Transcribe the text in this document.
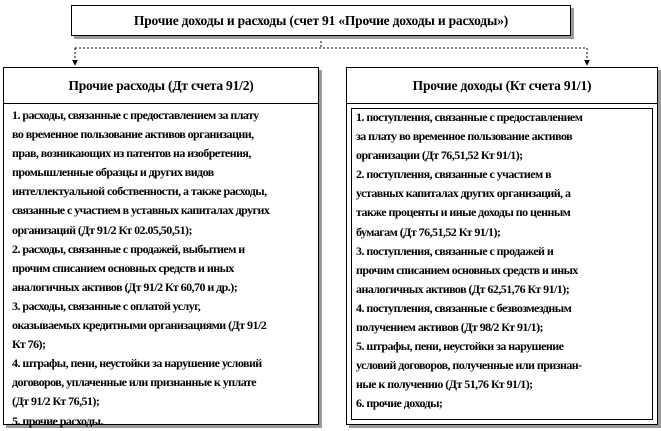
Прочие доходы и расходы (счет 91 «Прочие доходы и расходы»)
Прочие расходы (Дт счета 91/2)	Прочие доходы (Кт счета 91/1)
1. расходы, связанные с предоставлением за плату
во временное пользование активов организации,
прав, возникающих из патентов на изобретения,
промышленные образцы и других видов
интеллектуальной собственности, а также расходы,
связанные с участием в уставных капиталах других
организаций (Дт 91/2 Кт 02.05,50,51);
2. расходы, связанные с продажей, выбытием и
прочим списанием основных средств и иных
аналогичных активов (Дт 91/2 Кт 60,70 и др.);
3. расходы, связанные с оплатой услуг,
оказываемых кредитными организациями (Дт 91/2
Кт 76);
4. штрафы, пени, неустойки за нарушение условий
договоров, уплаченные или признанные к уплате
(Дт 91/2 Кт 76,51);
5. прочие расходы.
1. поступления, связанные с предоставлением
за плату во временное пользование активов
организации (Дт 76,51,52 Кт 91/1);
2. поступления, связанные с участием в
уставных капиталах других организаций, а
также проценты и иные доходы по ценным
бумагам (Дт 76,51,52 Кт 91/1);
3. поступления, связанные с продажей и
прочим списанием основных средств и иных
аналогичных активов (Дт 62,51,76 Кт 91/1);
4. поступления, связанные с безвозмездным
получением активов (Дт 98/2 Кт 91/1);
5. штрафы, пени, неустойки за нарушение
условий договоров, полученные или признан-
ные к получению (Дт 51,76 Кт 91/1);
6. прочие доходы;
